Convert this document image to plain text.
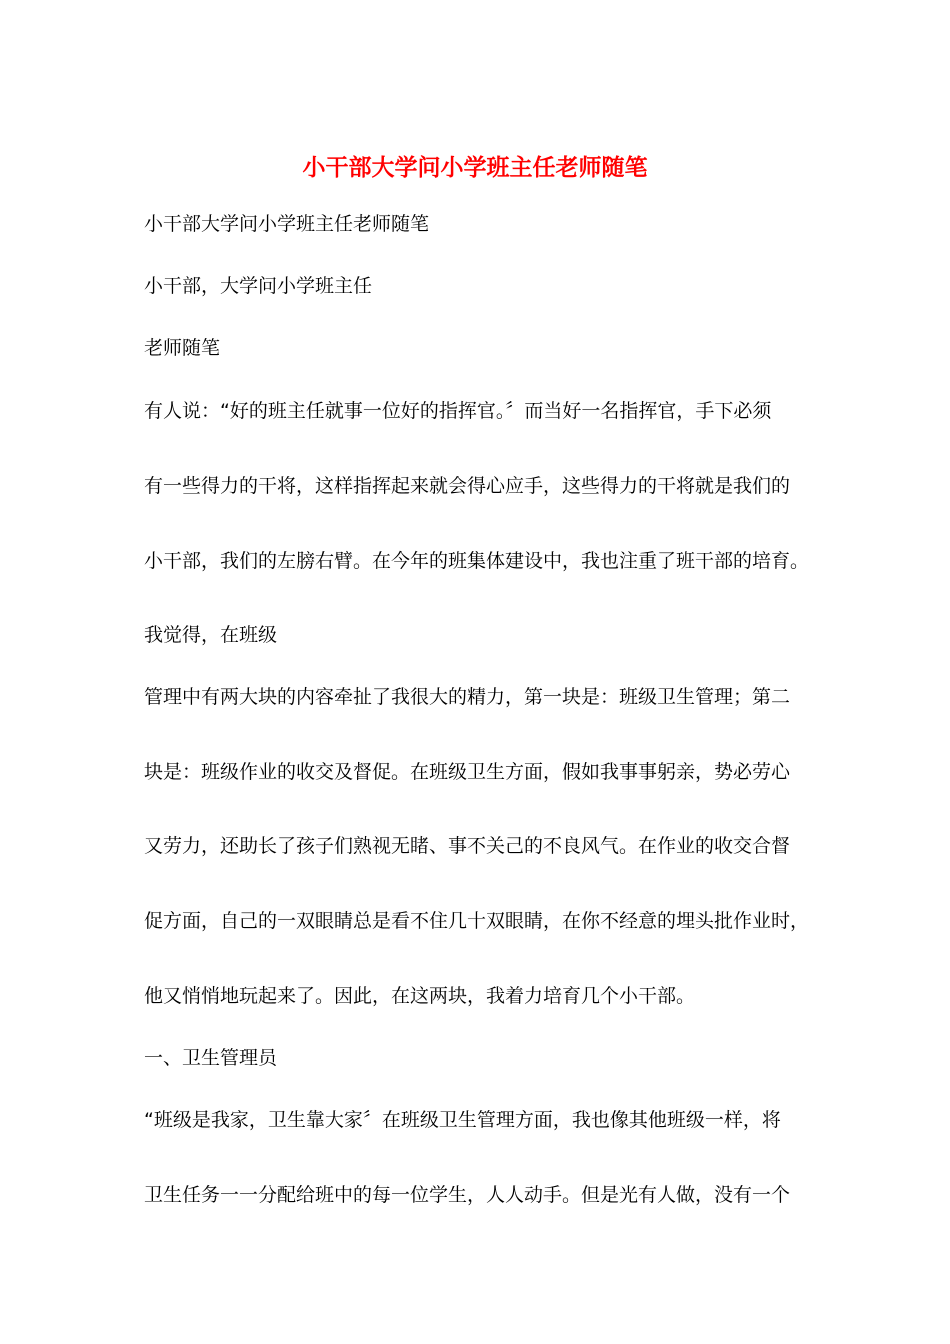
小干部大学问小学班主任老师随笔
小干部大学问小学班主任老师随笔
小干部，大学问小学班主任
老师随笔
有人说：“好的班主任就事一位好的指挥官。〞而当好一名指挥官，手下必须
有一些得力的干将，这样指挥起来就会得心应手，这些得力的干将就是我们的
小干部，我们的左膀右臂。在今年的班集体建设中，我也注重了班干部的培育。
我觉得，在班级
管理中有两大块的内容牵扯了我很大的精力，第一块是：班级卫生管理；第二
块是：班级作业的收交及督促。在班级卫生方面，假如我事事躬亲，势必劳心
又劳力，还助长了孩子们熟视无睹、事不关己的不良风气。在作业的收交合督
促方面，自己的一双眼睛总是看不住几十双眼睛，在你不经意的埋头批作业时，
他又悄悄地玩起来了。因此，在这两块，我着力培育几个小干部。
一、卫生管理员
“班级是我家，卫生靠大家〞在班级卫生管理方面，我也像其他班级一样，将
卫生任务一一分配给班中的每一位学生，人人动手。但是光有人做，没有一个
